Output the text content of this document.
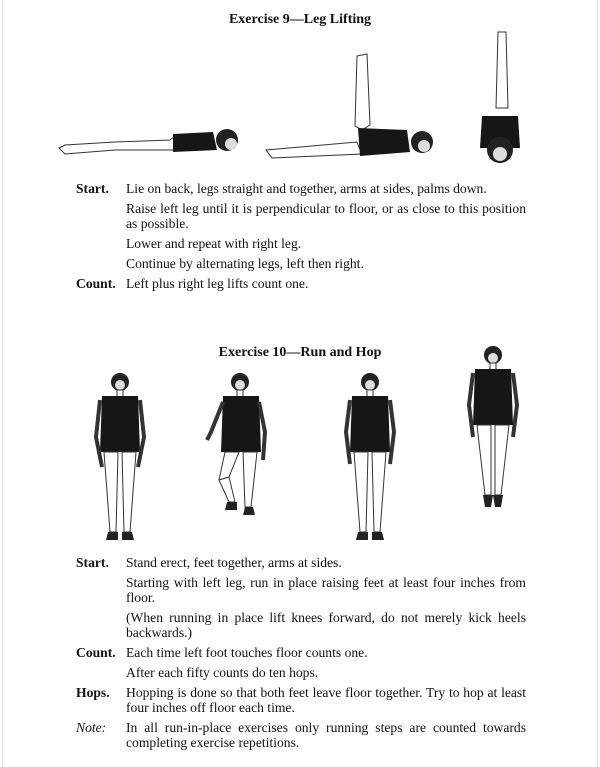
Exercise 9—Leg Lifting
Start.	Lie on back, legs straight and together, arms at sides, palms down.
Raise left leg until it is perpendicular to floor, or as close to this position as possible.
Lower and repeat with right leg.
Continue by alternating legs, left then right.
Count. Left plus right leg lifts count one.
Exercise 10—Run and Hop
Start.	Stand erect, feet together, arms at sides.
Starting with left leg, run in place raising feet at least four inches from floor.
(When running in place lift knees forward, do not merely kick heels backwards.)
Count. Each time left foot touches floor counts one.
After each fifty counts do ten hops.
Hops.	Hopping is done so that both feet leave floor together. Try to hop at least four inches off floor each time.
Note:	In all run-in-place exercises only running steps are counted towards completing exercise repetitions.
